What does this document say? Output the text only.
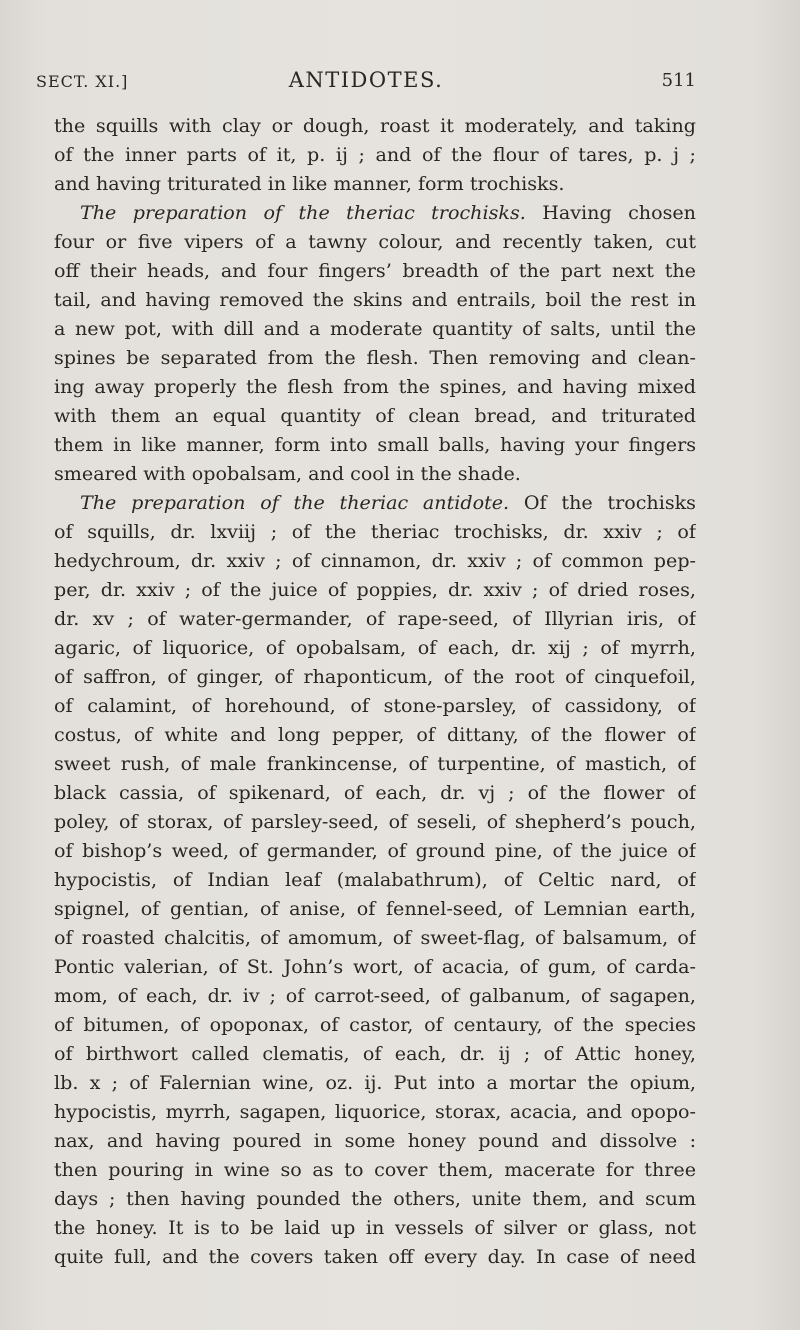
SECT. XI.]	ANTIDOTES.	511
the squills with clay or dough, roast it moderately, and taking
of the inner parts of it, p. ij ; and of the flour of tares, p. j ;
and having triturated in like manner, form trochisks.
The preparation of the theriac trochisks. Having chosen
four or five vipers of a tawny colour, and recently taken, cut
off their heads, and four fingers’ breadth of the part next the
tail, and having removed the skins and entrails, boil the rest in
a new pot, with dill and a moderate quantity of salts, until the
spines be separated from the flesh. Then removing and clean-
ing away properly the flesh from the spines, and having mixed
with them an equal quantity of clean bread, and triturated
them in like manner, form into small balls, having your fingers
smeared with opobalsam, and cool in the shade.
The preparation of the theriac antidote. Of the trochisks
of squills, dr. lxviij ; of the theriac trochisks, dr. xxiv ; of
hedychroum, dr. xxiv ; of cinnamon, dr. xxiv ; of common pep-
per, dr. xxiv ; of the juice of poppies, dr. xxiv ; of dried roses,
dr. xv ; of water-germander, of rape-seed, of Illyrian iris, of
agaric, of liquorice, of opobalsam, of each, dr. xij ; of myrrh,
of saffron, of ginger, of rhaponticum, of the root of cinquefoil,
of calamint, of horehound, of stone-parsley, of cassidony, of
costus, of white and long pepper, of dittany, of the flower of
sweet rush, of male frankincense, of turpentine, of mastich, of
black cassia, of spikenard, of each, dr. vj ; of the flower of
poley, of storax, of parsley-seed, of seseli, of shepherd’s pouch,
of bishop’s weed, of germander, of ground pine, of the juice of
hypocistis, of Indian leaf (malabathrum), of Celtic nard, of
spignel, of gentian, of anise, of fennel-seed, of Lemnian earth,
of roasted chalcitis, of amomum, of sweet-flag, of balsamum, of
Pontic valerian, of St. John’s wort, of acacia, of gum, of carda-
mom, of each, dr. iv ; of carrot-seed, of galbanum, of sagapen,
of bitumen, of opoponax, of castor, of centaury, of the species
of birthwort called clematis, of each, dr. ij ; of Attic honey,
lb. x ; of Falernian wine, oz. ij. Put into a mortar the opium,
hypocistis, myrrh, sagapen, liquorice, storax, acacia, and opopo-
nax, and having poured in some honey pound and dissolve :
then pouring in wine so as to cover them, macerate for three
days ; then having pounded the others, unite them, and scum
the honey. It is to be laid up in vessels of silver or glass, not
quite full, and the covers taken off every day. In case of need
